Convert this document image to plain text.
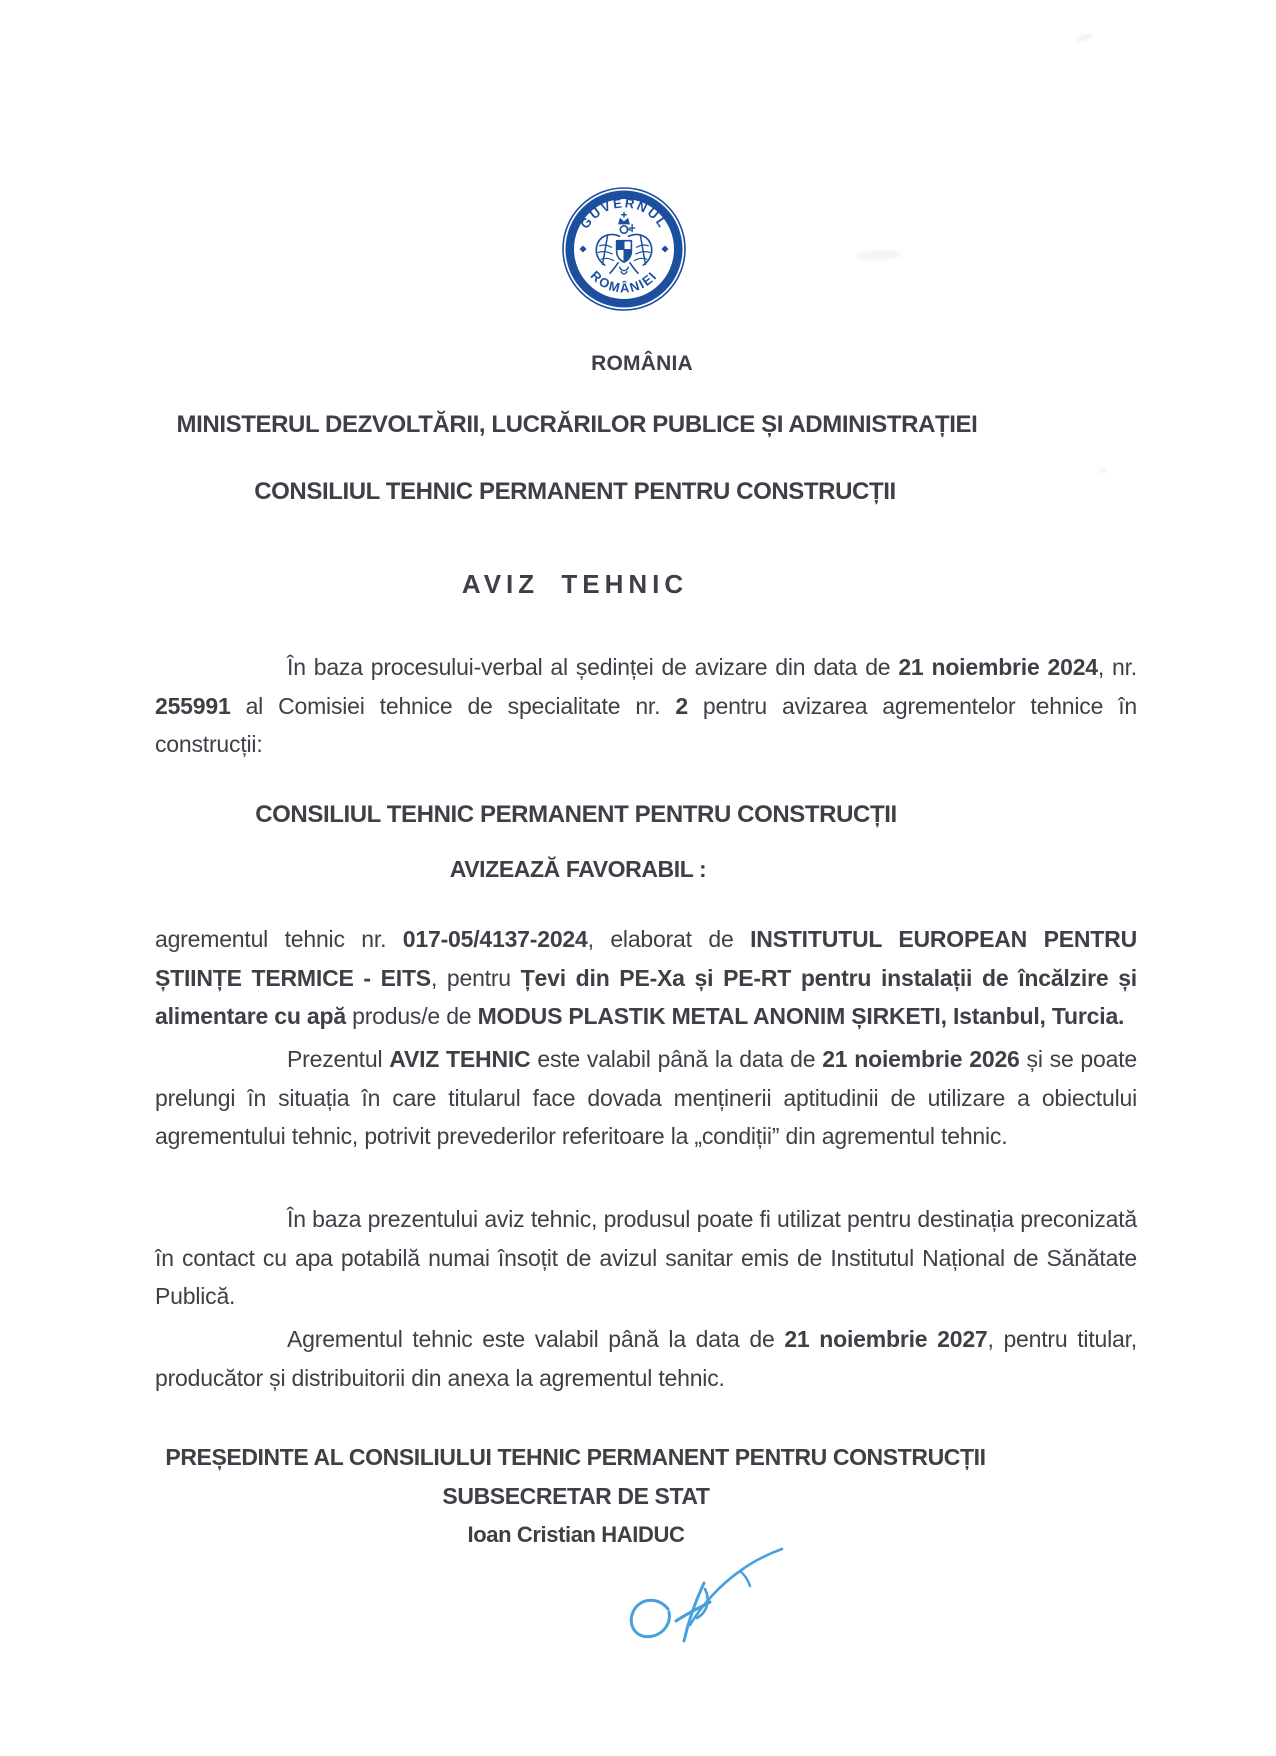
GUVERNUL
ROMÂNIEI
ROMÂNIA
MINISTERUL DEZVOLTĂRII, LUCRĂRILOR PUBLICE ȘI ADMINISTRAȚIEI
CONSILIUL TEHNIC PERMANENT PENTRU CONSTRUCȚII
AVIZ TEHNIC

În baza procesului-verbal al ședinței de avizare din data de 21 noiembrie 2024, nr. 255991 al Comisiei tehnice de specialitate nr. 2 pentru avizarea agrementelor tehnice în construcții:

CONSILIUL TEHNIC PERMANENT PENTRU CONSTRUCȚII
AVIZEAZĂ FAVORABIL :

agrementul tehnic nr. 017-05/4137-2024, elaborat de INSTITUTUL EUROPEAN PENTRU ȘTIINȚE TERMICE - EITS, pentru Țevi din PE-Xa și PE-RT pentru instalații de încălzire și alimentare cu apă produs/e de MODUS PLASTIK METAL ANONIM ȘIRKETI, Istanbul, Turcia.

Prezentul AVIZ TEHNIC este valabil până la data de 21 noiembrie 2026 și se poate prelungi în situația în care titularul face dovada menținerii aptitudinii de utilizare a obiectului agrementului tehnic, potrivit prevederilor referitoare la „condiții” din agrementul tehnic.

În baza prezentului aviz tehnic, produsul poate fi utilizat pentru destinația preconizată în contact cu apa potabilă numai însoțit de avizul sanitar emis de Institutul Național de Sănătate Publică.

Agrementul tehnic este valabil până la data de 21 noiembrie 2027, pentru titular, producător și distribuitorii din anexa la agrementul tehnic.

PREȘEDINTE AL CONSILIULUI TEHNIC PERMANENT PENTRU CONSTRUCȚII
SUBSECRETAR DE STAT
Ioan Cristian HAIDUC
